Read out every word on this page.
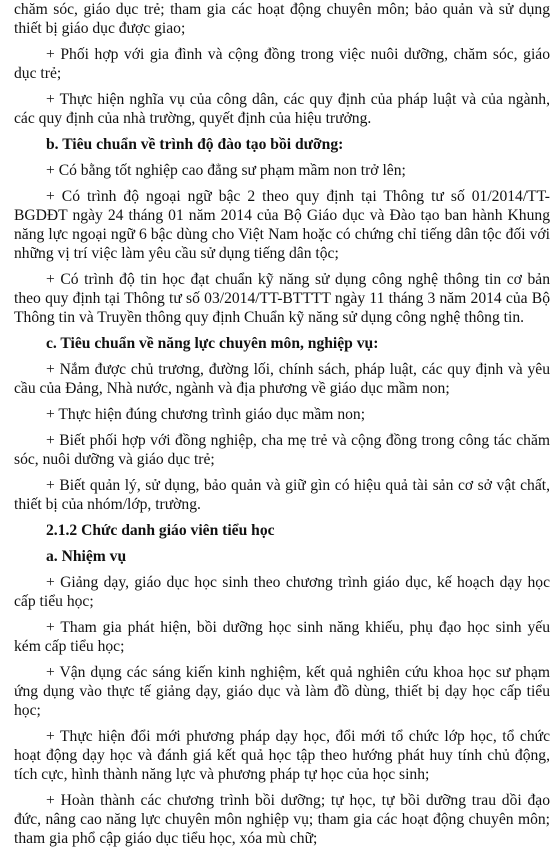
chăm sóc, giáo dục trẻ; tham gia các hoạt động chuyên môn; bảo quản và sử dụng thiết bị giáo dục được giao;

+ Phối hợp với gia đình và cộng đồng trong việc nuôi dưỡng, chăm sóc, giáo dục trẻ;

+ Thực hiện nghĩa vụ của công dân, các quy định của pháp luật và của ngành, các quy định của nhà trường, quyết định của hiệu trưởng.

b. Tiêu chuẩn về trình độ đào tạo bồi dưỡng:

+ Có bằng tốt nghiệp cao đẳng sư phạm mầm non trở lên;

+ Có trình độ ngoại ngữ bậc 2 theo quy định tại Thông tư số 01/2014/TT-BGDĐT ngày 24 tháng 01 năm 2014 của Bộ Giáo dục và Đào tạo ban hành Khung năng lực ngoại ngữ 6 bậc dùng cho Việt Nam hoặc có chứng chỉ tiếng dân tộc đối với những vị trí việc làm yêu cầu sử dụng tiếng dân tộc;

+ Có trình độ tin học đạt chuẩn kỹ năng sử dụng công nghệ thông tin cơ bản theo quy định tại Thông tư số 03/2014/TT-BTTTT ngày 11 tháng 3 năm 2014 của Bộ Thông tin và Truyền thông quy định Chuẩn kỹ năng sử dụng công nghệ thông tin.

c. Tiêu chuẩn về năng lực chuyên môn, nghiệp vụ:

+ Nắm được chủ trương, đường lối, chính sách, pháp luật, các quy định và yêu cầu của Đảng, Nhà nước, ngành và địa phương về giáo dục mầm non;

+ Thực hiện đúng chương trình giáo dục mầm non;

+ Biết phối hợp với đồng nghiệp, cha mẹ trẻ và cộng đồng trong công tác chăm sóc, nuôi dưỡng và giáo dục trẻ;

+ Biết quản lý, sử dụng, bảo quản và giữ gìn có hiệu quả tài sản cơ sở vật chất, thiết bị của nhóm/lớp, trường.

2.1.2 Chức danh giáo viên tiểu học

a. Nhiệm vụ

+ Giảng dạy, giáo dục học sinh theo chương trình giáo dục, kế hoạch dạy học cấp tiểu học;

+ Tham gia phát hiện, bồi dưỡng học sinh năng khiếu, phụ đạo học sinh yếu kém cấp tiểu học;

+ Vận dụng các sáng kiến kinh nghiệm, kết quả nghiên cứu khoa học sư phạm ứng dụng vào thực tế giảng dạy, giáo dục và làm đồ dùng, thiết bị dạy học cấp tiểu học;

+ Thực hiện đổi mới phương pháp dạy học, đổi mới tổ chức lớp học, tổ chức hoạt động dạy học và đánh giá kết quả học tập theo hướng phát huy tính chủ động, tích cực, hình thành năng lực và phương pháp tự học của học sinh;

+ Hoàn thành các chương trình bồi dưỡng; tự học, tự bồi dưỡng trau dồi đạo đức, nâng cao năng lực chuyên môn nghiệp vụ; tham gia các hoạt động chuyên môn; tham gia phổ cập giáo dục tiểu học, xóa mù chữ;
